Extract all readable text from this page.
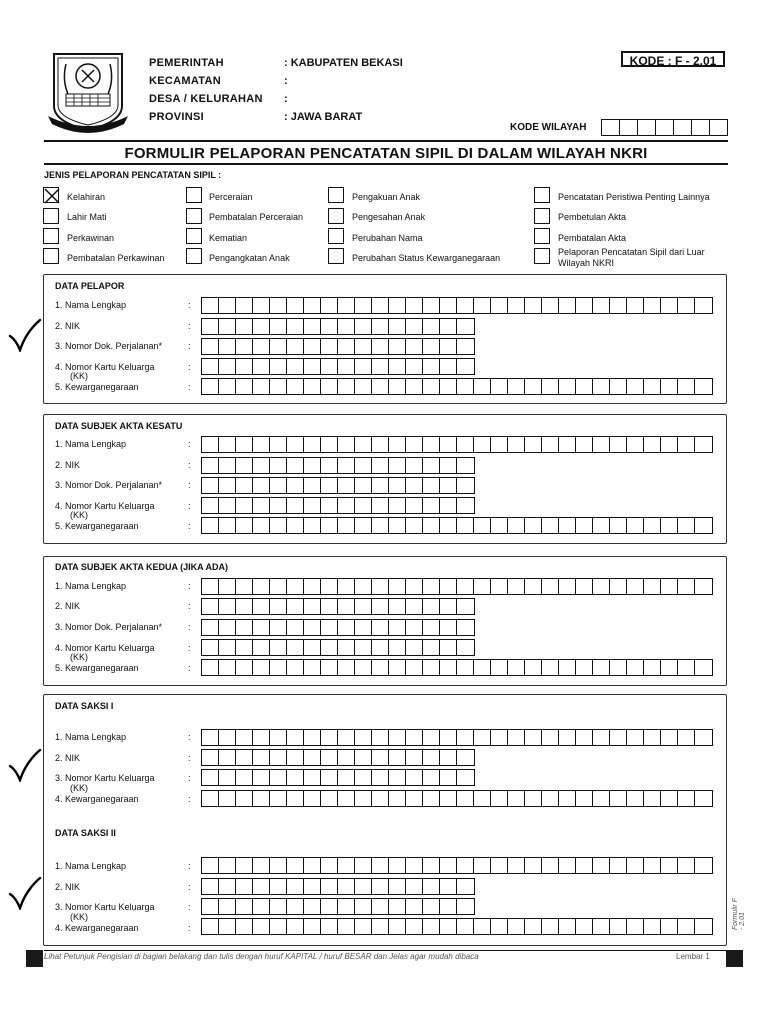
PEMERINTAH
KECAMATAN
DESA / KELURAHAN
PROVINSI
: KABUPATEN BEKASI
:
:
: JAWA BARAT
KODE : F - 2.01
KODE WILAYAH
FORMULIR PELAPORAN PENCATATAN SIPIL DI DALAM WILAYAH NKRI
JENIS PELAPORAN PENCATATAN SIPIL :
Kelahiran
Lahir Mati
Perkawinan
Pembatalan Perkawinan
Perceraian
Pembatalan Perceraian
Kematian
Pengangkatan Anak
Pengakuan Anak
Pengesahan Anak
Perubahan Nama
Perubahan Status Kewarganegaraan
Pencatatan Peristiwa Penting Lainnya
Pembetulan Akta
Pembatalan Akta
Pelaporan Pencatatan Sipil dari Luar
Wilayah NKRI
DATA PELAPOR
1. Nama Lengkap
2. NIK
3. Nomor Dok. Perjalanan*
4. Nomor Kartu Keluarga
(KK)
5. Kewarganegaraan
:
:
:
:
:
DATA SUBJEK AKTA KESATU
1. Nama Lengkap
2. NIK
3. Nomor Dok. Perjalanan*
4. Nomor Kartu Keluarga
(KK)
5. Kewarganegaraan
:
:
:
:
:
DATA SUBJEK AKTA KEDUA (JIKA ADA)
1. Nama Lengkap
2. NIK
3. Nomor Dok. Perjalanan*
4. Nomor Kartu Keluarga
(KK)
5. Kewarganegaraan
:
:
:
:
:
DATA SAKSI I
1. Nama Lengkap
2. NIK
3. Nomor Kartu Keluarga
(KK)
4. Kewarganegaraan
:
:
:
:
DATA SAKSI II
1. Nama Lengkap
2. NIK
3. Nomor Kartu Keluarga
(KK)
4. Kewarganegaraan
:
:
:
:	Formulir F - 2.01
Lihat Petunjuk Pengisian di bagian belakang dan tulis dengan huruf KAPITAL / huruf BESAR dan Jelas agar mudah dibaca	Lembar 1
